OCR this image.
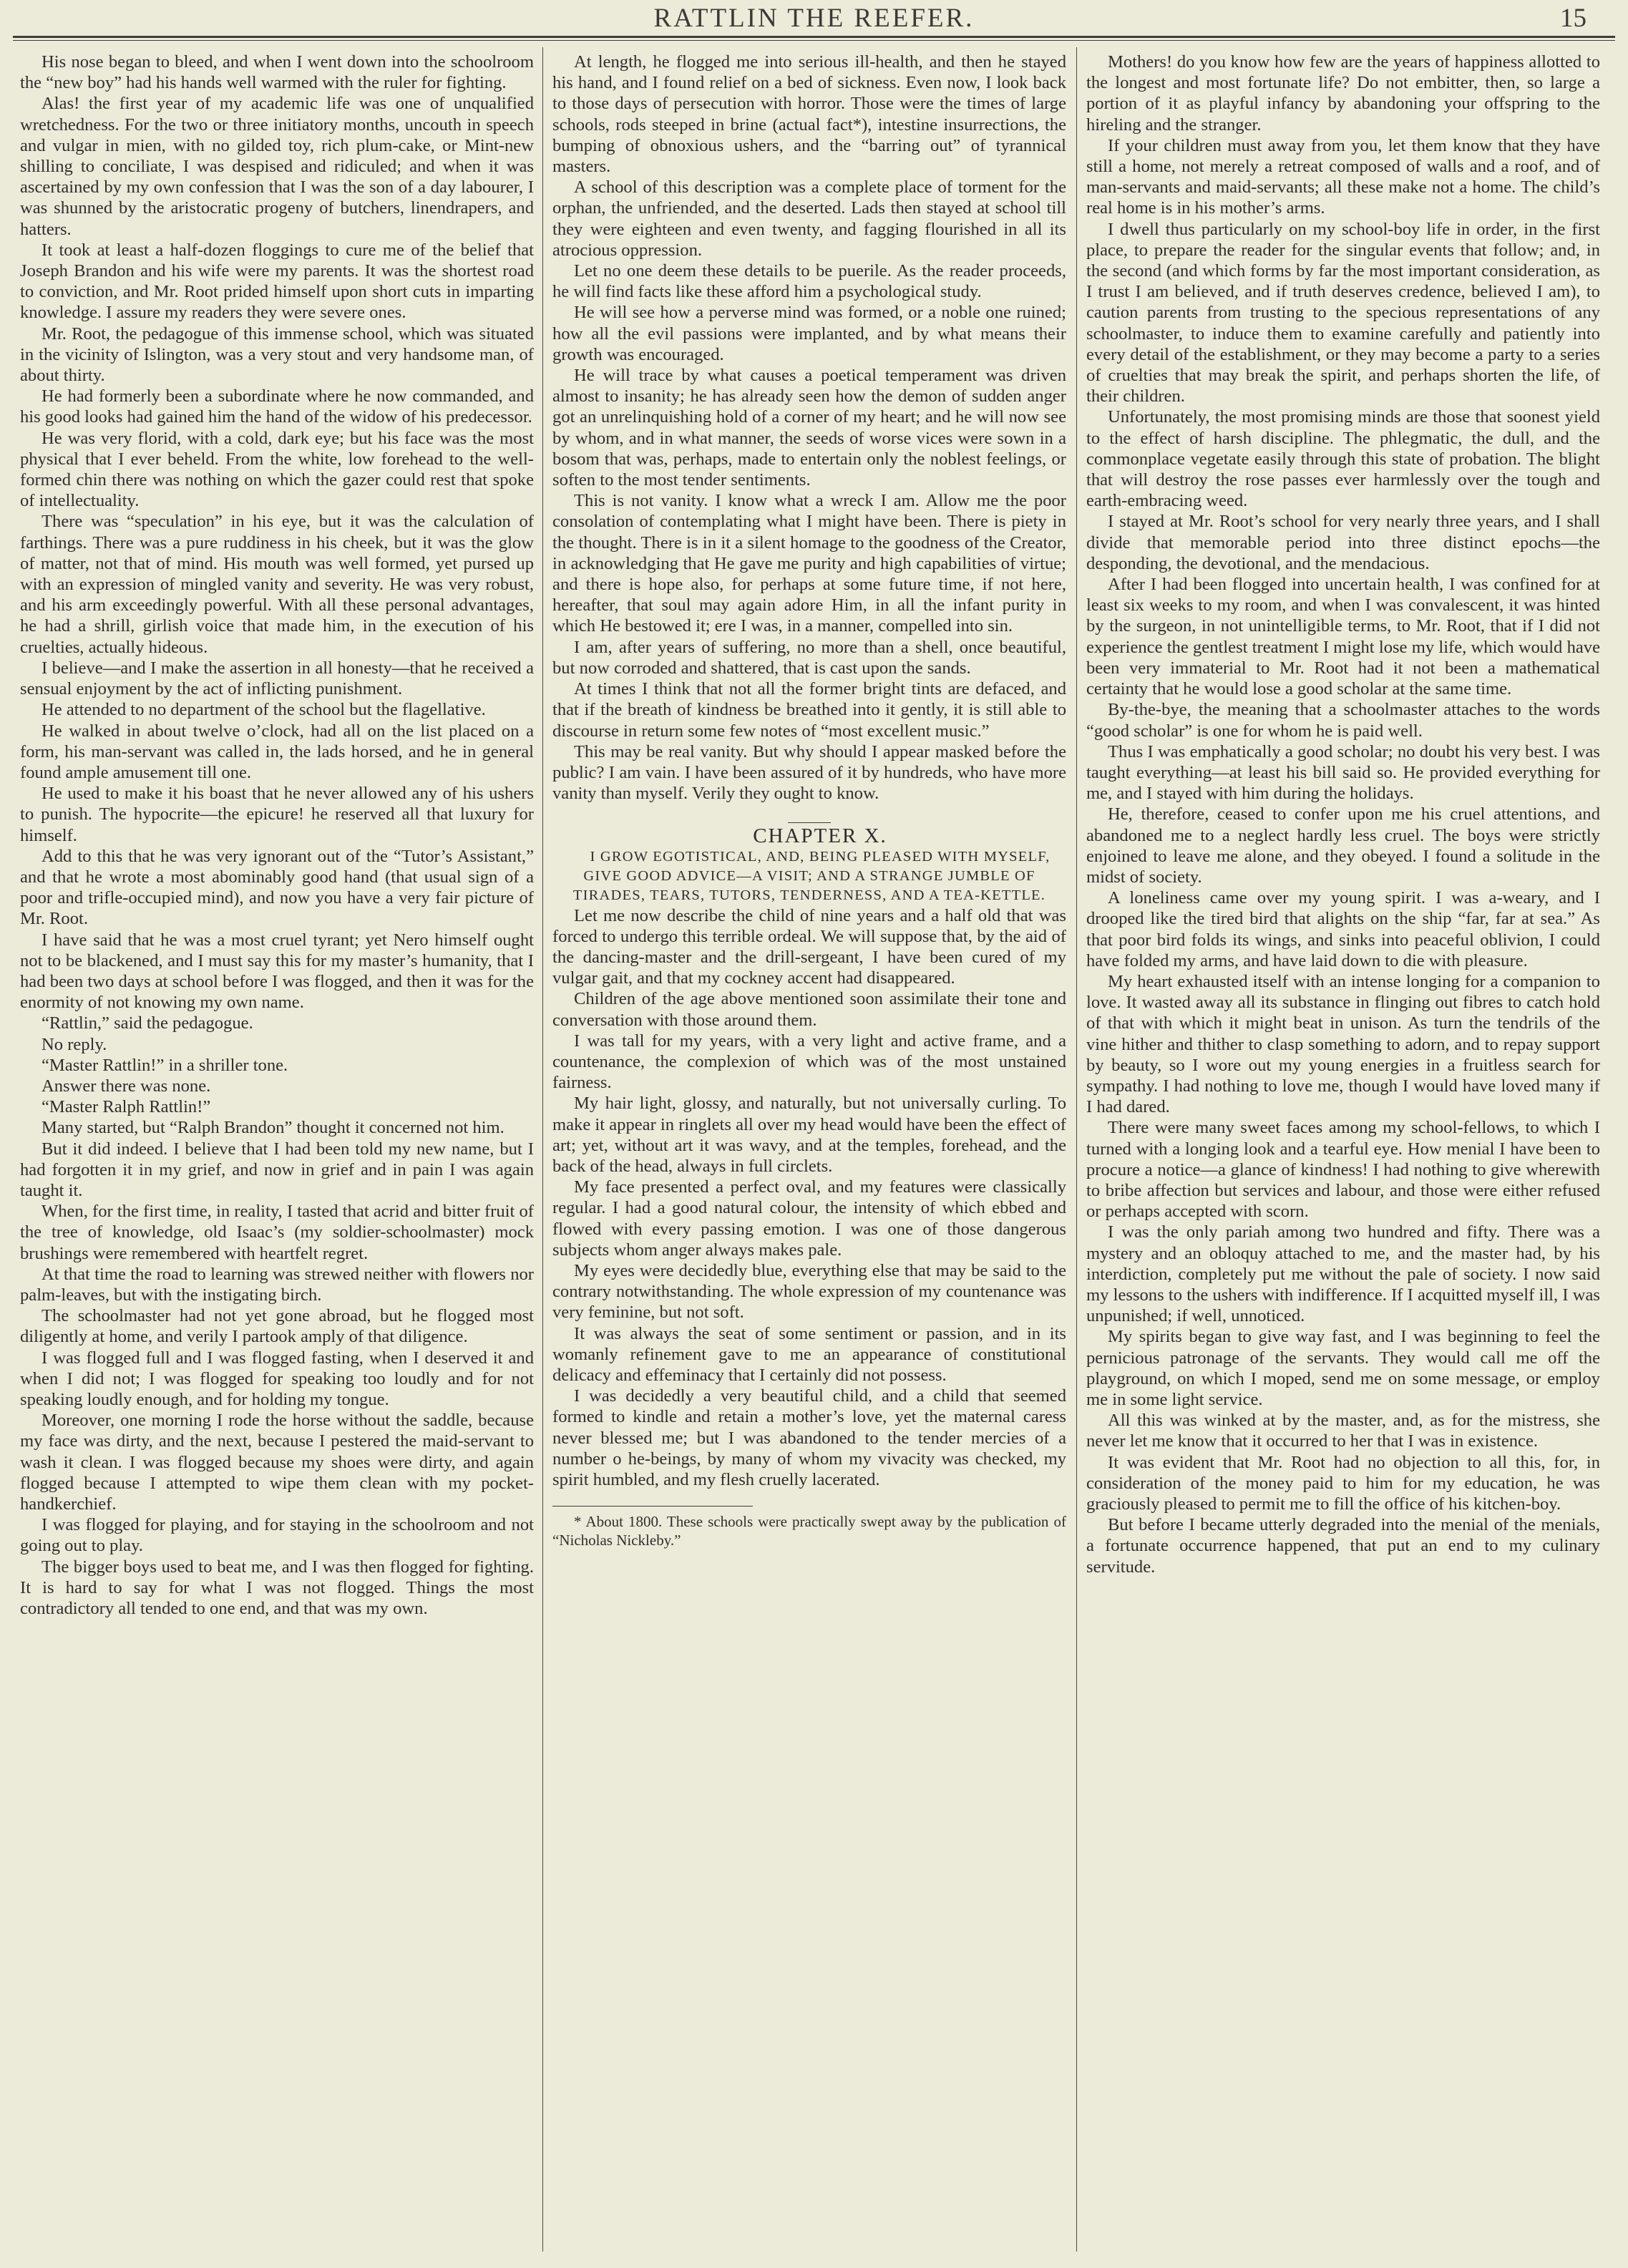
RATTLIN THE REEFER.	15

His nose began to bleed, and when I went down into the schoolroom the “new boy” had his hands well warmed with the ruler for fighting.

Alas! the first year of my academic life was one of unqualified wretchedness. For the two or three initiatory months, uncouth in speech and vulgar in mien, with no gilded toy, rich plum-cake, or Mint-new shilling to conciliate, I was despised and ridiculed; and when it was ascertained by my own confession that I was the son of a day labourer, I was shunned by the aristocratic progeny of butchers, linendrapers, and hatters.

It took at least a half-dozen floggings to cure me of the belief that Joseph Brandon and his wife were my parents. It was the shortest road to conviction, and Mr. Root prided himself upon short cuts in imparting knowledge. I assure my readers they were severe ones.

Mr. Root, the pedagogue of this immense school, which was situated in the vicinity of Islington, was a very stout and very handsome man, of about thirty.

He had formerly been a subordinate where he now commanded, and his good looks had gained him the hand of the widow of his predecessor.

He was very florid, with a cold, dark eye; but his face was the most physical that I ever beheld. From the white, low forehead to the well-formed chin there was nothing on which the gazer could rest that spoke of intellectuality.

There was “speculation” in his eye, but it was the calculation of farthings. There was a pure ruddiness in his cheek, but it was the glow of matter, not that of mind. His mouth was well formed, yet pursed up with an expression of mingled vanity and severity. He was very robust, and his arm exceedingly powerful. With all these personal advantages, he had a shrill, girlish voice that made him, in the execution of his cruelties, actually hideous.

I believe—and I make the assertion in all honesty—that he received a sensual enjoyment by the act of inflicting punishment.

He attended to no department of the school but the flagellative.

He walked in about twelve o’clock, had all on the list placed on a form, his man-servant was called in, the lads horsed, and he in general found ample amusement till one.

He used to make it his boast that he never allowed any of his ushers to punish. The hypocrite—the epicure! he reserved all that luxury for himself.

Add to this that he was very ignorant out of the “Tutor’s Assistant,” and that he wrote a most abominably good hand (that usual sign of a poor and trifle-occupied mind), and now you have a very fair picture of Mr. Root.

I have said that he was a most cruel tyrant; yet Nero himself ought not to be blackened, and I must say this for my master’s humanity, that I had been two days at school before I was flogged, and then it was for the enormity of not knowing my own name.

“Rattlin,” said the pedagogue.

No reply.

“Master Rattlin!” in a shriller tone.

Answer there was none.

“Master Ralph Rattlin!”

Many started, but “Ralph Brandon” thought it concerned not him.

But it did indeed. I believe that I had been told my new name, but I had forgotten it in my grief, and now in grief and in pain I was again taught it.

When, for the first time, in reality, I tasted that acrid and bitter fruit of the tree of knowledge, old Isaac’s (my soldier-schoolmaster) mock brushings were remembered with heartfelt regret.

At that time the road to learning was strewed neither with flowers nor palm-leaves, but with the instigating birch.

The schoolmaster had not yet gone abroad, but he flogged most diligently at home, and verily I partook amply of that diligence.

I was flogged full and I was flogged fasting, when I deserved it and when I did not; I was flogged for speaking too loudly and for not speaking loudly enough, and for holding my tongue.

Moreover, one morning I rode the horse without the saddle, because my face was dirty, and the next, because I pestered the maid-servant to wash it clean. I was flogged because my shoes were dirty, and again flogged because I attempted to wipe them clean with my pocket-handkerchief.

I was flogged for playing, and for staying in the schoolroom and not going out to play.

The bigger boys used to beat me, and I was then flogged for fighting. It is hard to say for what I was not flogged. Things the most contradictory all tended to one end, and that was my own.

At length, he flogged me into serious ill-health, and then he stayed his hand, and I found relief on a bed of sickness. Even now, I look back to those days of persecution with horror. Those were the times of large schools, rods steeped in brine (actual fact*), intestine insurrections, the bumping of obnoxious ushers, and the “barring out” of tyrannical masters.

A school of this description was a complete place of torment for the orphan, the unfriended, and the deserted. Lads then stayed at school till they were eighteen and even twenty, and fagging flourished in all its atrocious oppression.

Let no one deem these details to be puerile. As the reader proceeds, he will find facts like these afford him a psychological study.

He will see how a perverse mind was formed, or a noble one ruined; how all the evil passions were implanted, and by what means their growth was encouraged.

He will trace by what causes a poetical temperament was driven almost to insanity; he has already seen how the demon of sudden anger got an unrelinquishing hold of a corner of my heart; and he will now see by whom, and in what manner, the seeds of worse vices were sown in a bosom that was, perhaps, made to entertain only the noblest feelings, or soften to the most tender sentiments.

This is not vanity. I know what a wreck I am. Allow me the poor consolation of contemplating what I might have been. There is piety in the thought. There is in it a silent homage to the goodness of the Creator, in acknowledging that He gave me purity and high capabilities of virtue; and there is hope also, for perhaps at some future time, if not here, hereafter, that soul may again adore Him, in all the infant purity in which He bestowed it; ere I was, in a manner, compelled into sin.

I am, after years of suffering, no more than a shell, once beautiful, but now corroded and shattered, that is cast upon the sands.

At times I think that not all the former bright tints are defaced, and that if the breath of kindness be breathed into it gently, it is still able to discourse in return some few notes of “most excellent music.”

This may be real vanity. But why should I appear masked before the public? I am vain. I have been assured of it by hundreds, who have more vanity than myself. Verily they ought to know.

CHAPTER X.

I GROW EGOTISTICAL, AND, BEING PLEASED WITH MYSELF, GIVE GOOD ADVICE—A VISIT; AND A STRANGE JUMBLE OF TIRADES, TEARS, TUTORS, TENDERNESS, AND A TEA-KETTLE.

Let me now describe the child of nine years and a half old that was forced to undergo this terrible ordeal. We will suppose that, by the aid of the dancing-master and the drill-sergeant, I have been cured of my vulgar gait, and that my cockney accent had disappeared.

Children of the age above mentioned soon assimilate their tone and conversation with those around them.

I was tall for my years, with a very light and active frame, and a countenance, the complexion of which was of the most unstained fairness.

My hair light, glossy, and naturally, but not universally curling. To make it appear in ringlets all over my head would have been the effect of art; yet, without art it was wavy, and at the temples, forehead, and the back of the head, always in full circlets.

My face presented a perfect oval, and my features were classically regular. I had a good natural colour, the intensity of which ebbed and flowed with every passing emotion. I was one of those dangerous subjects whom anger always makes pale.

My eyes were decidedly blue, everything else that may be said to the contrary notwithstanding. The whole expression of my countenance was very feminine, but not soft.

It was always the seat of some sentiment or passion, and in its womanly refinement gave to me an appearance of constitutional delicacy and effeminacy that I certainly did not possess.

I was decidedly a very beautiful child, and a child that seemed formed to kindle and retain a mother’s love, yet the maternal caress never blessed me; but I was abandoned to the tender mercies of a number o he-beings, by many of whom my vivacity was checked, my spirit humbled, and my flesh cruelly lacerated.

* About 1800. These schools were practically swept away by the publication of “Nicholas Nickleby.”

Mothers! do you know how few are the years of happiness allotted to the longest and most fortunate life? Do not embitter, then, so large a portion of it as playful infancy by abandoning your offspring to the hireling and the stranger.

If your children must away from you, let them know that they have still a home, not merely a retreat composed of walls and a roof, and of man-servants and maid-servants; all these make not a home. The child’s real home is in his mother’s arms.

I dwell thus particularly on my school-boy life in order, in the first place, to prepare the reader for the singular events that follow; and, in the second (and which forms by far the most important consideration, as I trust I am believed, and if truth deserves credence, believed I am), to caution parents from trusting to the specious representations of any schoolmaster, to induce them to examine carefully and patiently into every detail of the establishment, or they may become a party to a series of cruelties that may break the spirit, and perhaps shorten the life, of their children.

Unfortunately, the most promising minds are those that soonest yield to the effect of harsh discipline. The phlegmatic, the dull, and the commonplace vegetate easily through this state of probation. The blight that will destroy the rose passes ever harmlessly over the tough and earth-embracing weed.

I stayed at Mr. Root’s school for very nearly three years, and I shall divide that memorable period into three distinct epochs—the desponding, the devotional, and the mendacious.

After I had been flogged into uncertain health, I was confined for at least six weeks to my room, and when I was convalescent, it was hinted by the surgeon, in not unintelligible terms, to Mr. Root, that if I did not experience the gentlest treatment I might lose my life, which would have been very immaterial to Mr. Root had it not been a mathematical certainty that he would lose a good scholar at the same time.

By-the-bye, the meaning that a schoolmaster attaches to the words “good scholar” is one for whom he is paid well.

Thus I was emphatically a good scholar; no doubt his very best. I was taught everything—at least his bill said so. He provided everything for me, and I stayed with him during the holidays.

He, therefore, ceased to confer upon me his cruel attentions, and abandoned me to a neglect hardly less cruel. The boys were strictly enjoined to leave me alone, and they obeyed. I found a solitude in the midst of society.

A loneliness came over my young spirit. I was a-weary, and I drooped like the tired bird that alights on the ship “far, far at sea.” As that poor bird folds its wings, and sinks into peaceful oblivion, I could have folded my arms, and have laid down to die with pleasure.

My heart exhausted itself with an intense longing for a companion to love. It wasted away all its substance in flinging out fibres to catch hold of that with which it might beat in unison. As turn the tendrils of the vine hither and thither to clasp something to adorn, and to repay support by beauty, so I wore out my young energies in a fruitless search for sympathy. I had nothing to love me, though I would have loved many if I had dared.

There were many sweet faces among my school-fellows, to which I turned with a longing look and a tearful eye. How menial I have been to procure a notice—a glance of kindness! I had nothing to give wherewith to bribe affection but services and labour, and those were either refused or perhaps accepted with scorn.

I was the only pariah among two hundred and fifty. There was a mystery and an obloquy attached to me, and the master had, by his interdiction, completely put me without the pale of society. I now said my lessons to the ushers with indifference. If I acquitted myself ill, I was unpunished; if well, unnoticed.

My spirits began to give way fast, and I was beginning to feel the pernicious patronage of the servants. They would call me off the playground, on which I moped, send me on some message, or employ me in some light service.

All this was winked at by the master, and, as for the mistress, she never let me know that it occurred to her that I was in existence.

It was evident that Mr. Root had no objection to all this, for, in consideration of the money paid to him for my education, he was graciously pleased to permit me to fill the office of his kitchen-boy.

But before I became utterly degraded into the menial of the menials, a fortunate occurrence happened, that put an end to my culinary servitude.
